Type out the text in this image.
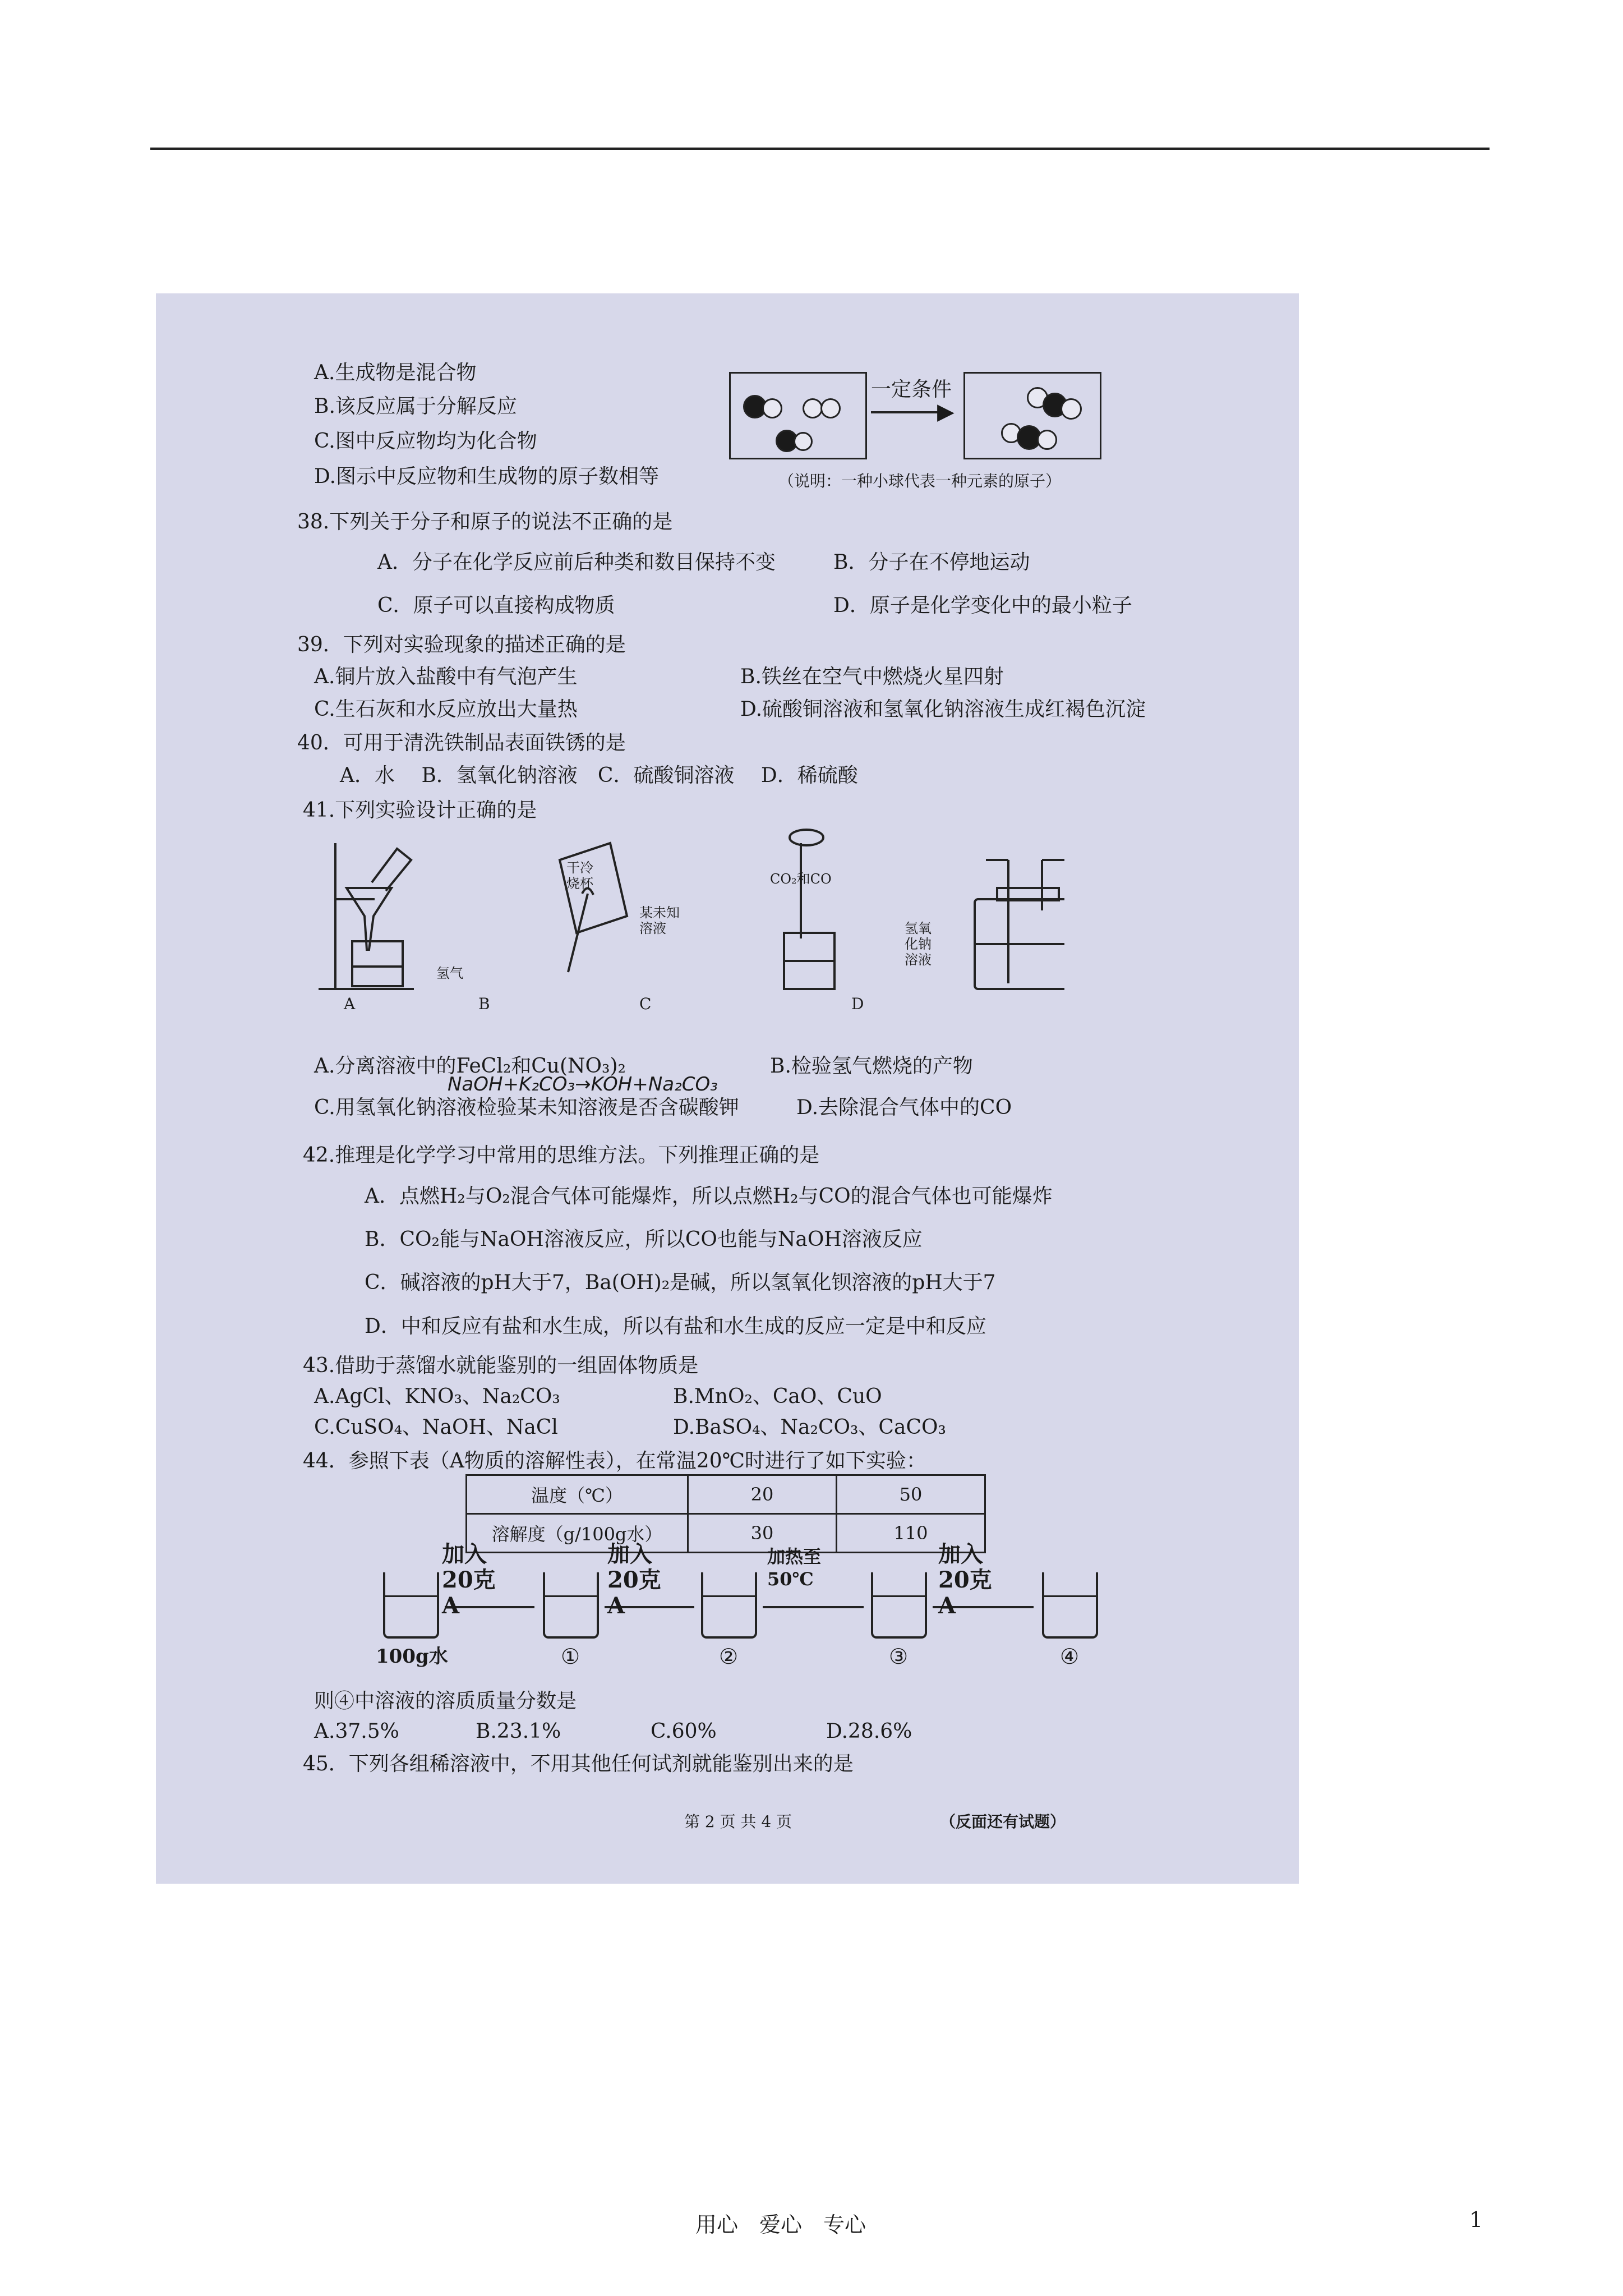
A.生成物是混合物
B.该反应属于分解反应
C.图中反应物均为化合物
D.图示中反应物和生成物的原子数相等
一定条件
▶
（说明：一种小球代表一种元素的原子）
38.下列关于分子和原子的说法不正确的是
A．分子在化学反应前后种类和数目保持不变	B．分子在不停地运动
C．原子可以直接构成物质	D．原子是化学变化中的最小粒子
39．下列对实验现象的描述正确的是
A.铜片放入盐酸中有气泡产生	B.铁丝在空气中燃烧火星四射
C.生石灰和水反应放出大量热	D.硫酸铜溶液和氢氧化钠溶液生成红褐色沉淀
40．可用于清洗铁制品表面铁锈的是
A．水　 B．氢氧化钠溶液　C．硫酸铜溶液　 D．稀硫酸
41.下列实验设计正确的是
干冷烧杯
氢气
某未知溶液
CO₂和CO
氢氧化钠溶液
A	B	C	D
A.分离溶液中的FeCl₂和Cu(NO₃)₂	B.检验氢气燃烧的产物
NaOH+K₂CO₃→KOH+Na₂CO₃
C.用氢氧化钠溶液检验某未知溶液是否含碳酸钾	D.去除混合气体中的CO
42.推理是化学学习中常用的思维方法。下列推理正确的是
A．点燃H₂与O₂混合气体可能爆炸，所以点燃H₂与CO的混合气体也可能爆炸
B．CO₂能与NaOH溶液反应，所以CO也能与NaOH溶液反应
C．碱溶液的pH大于7，Ba(OH)₂是碱，所以氢氧化钡溶液的pH大于7
D．中和反应有盐和水生成，所以有盐和水生成的反应一定是中和反应
43.借助于蒸馏水就能鉴别的一组固体物质是
A.AgCl、KNO₃、Na₂CO₃	B.MnO₂、CaO、CuO
C.CuSO₄、NaOH、NaCl	D.BaSO₄、Na₂CO₃、CaCO₃
44．参照下表（A物质的溶解性表），在常温20℃时进行了如下实验：
温度（℃）	20	50
溶解度（g/100g水）	30	110
加入20克A
加入20克A
加热至50℃
加入20克A
100g水	①	②	③	④
则④中溶液的溶质质量分数是
A.37.5%	B.23.1%	C.60%	D.28.6%
45．下列各组稀溶液中，不用其他任何试剂就能鉴别出来的是
第 2 页 共 4 页	（反面还有试题）
用心　爱心　专心	1
